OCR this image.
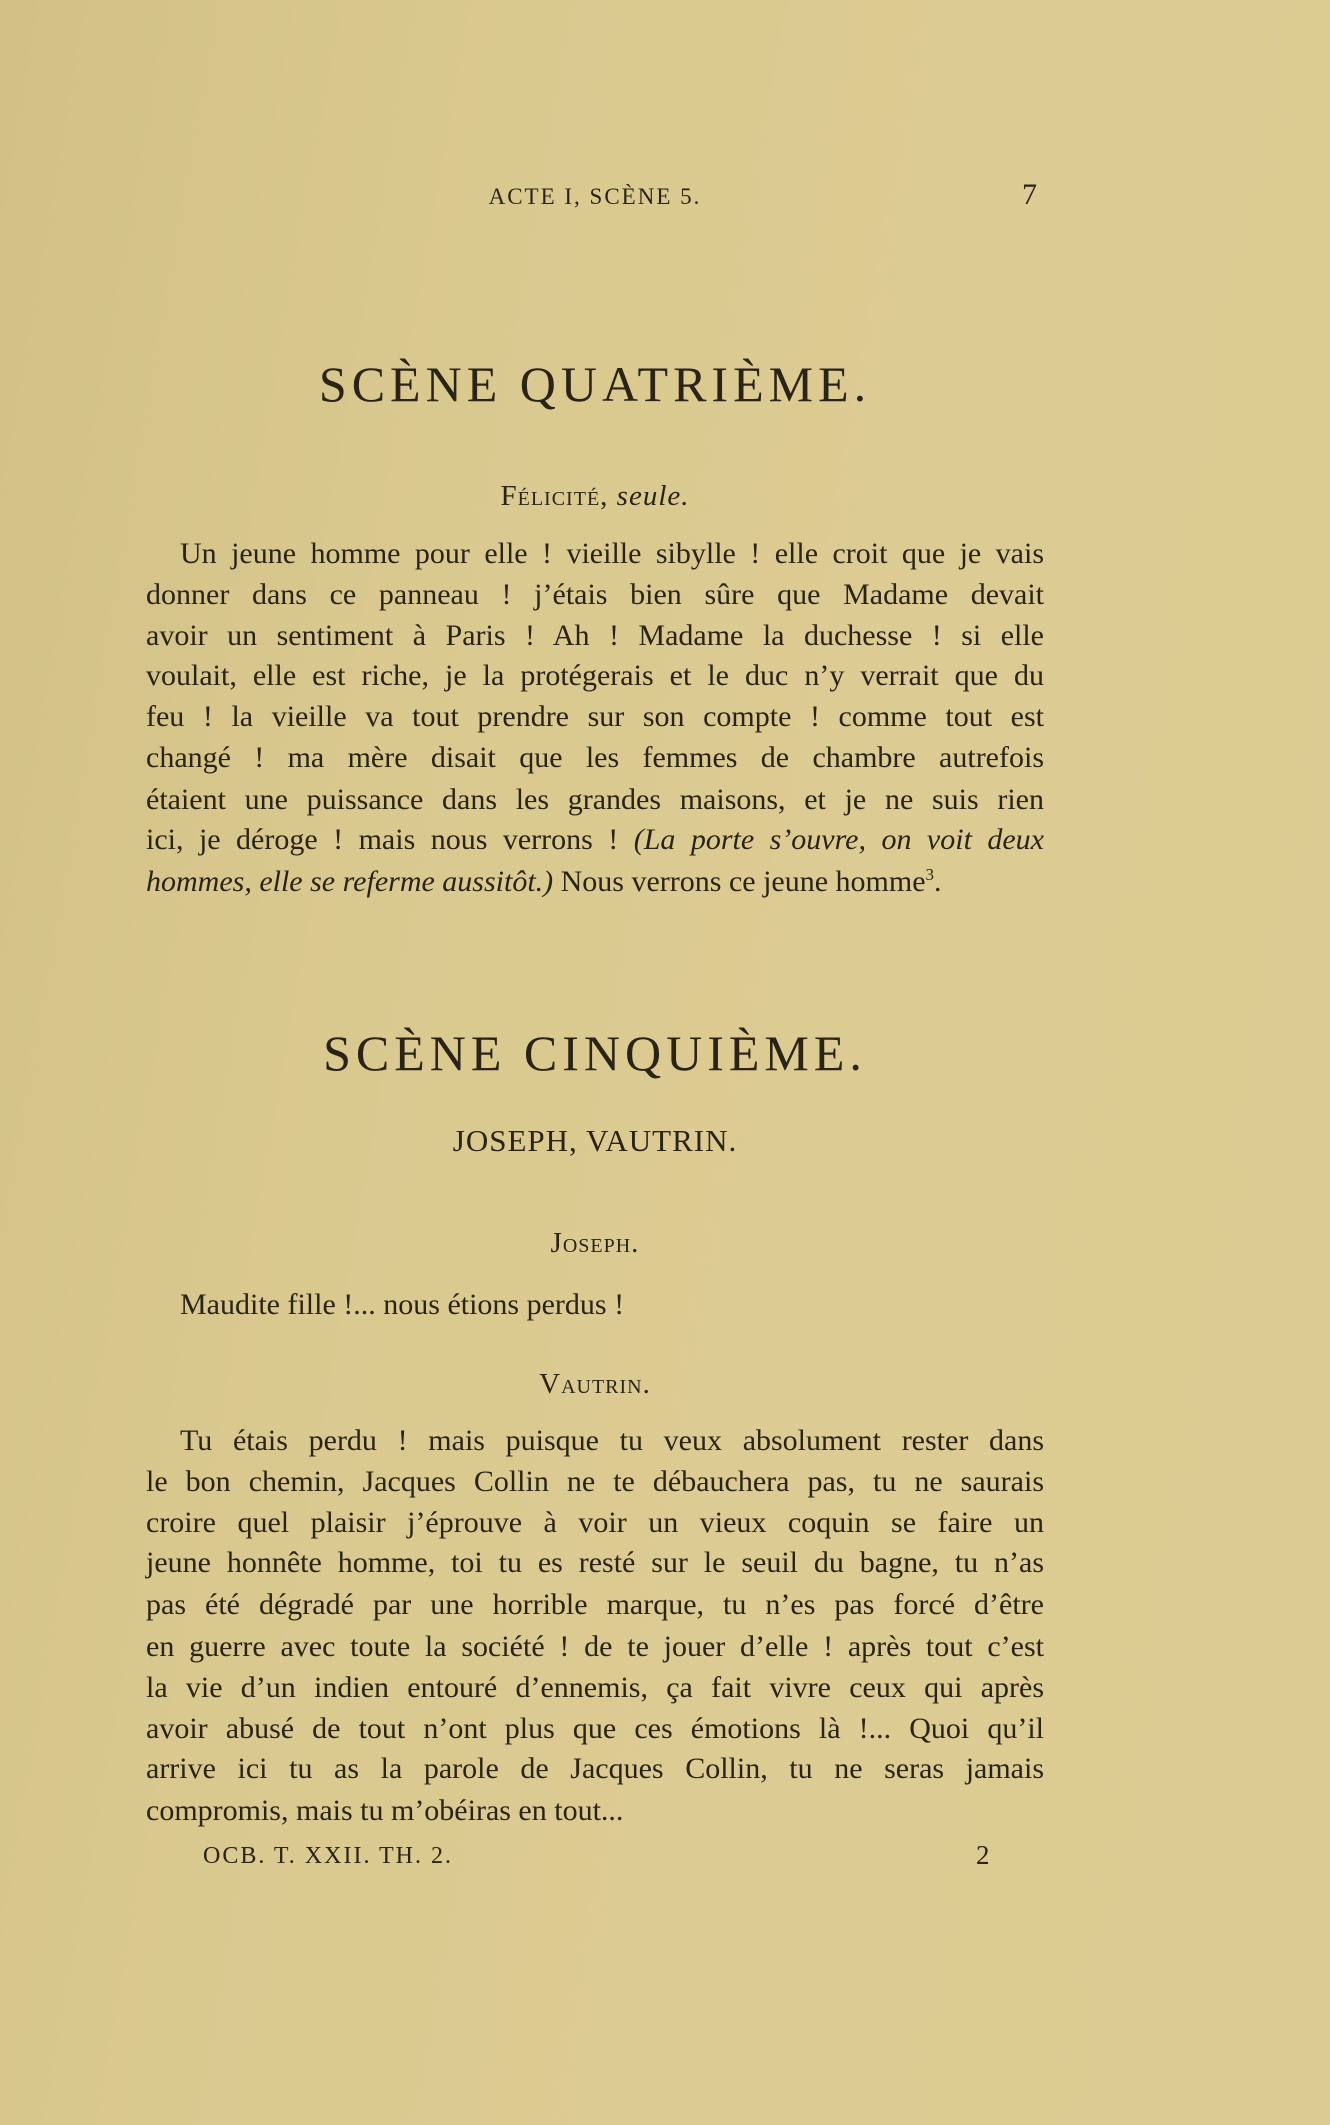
ACTE I, SCÈNE 5.	7
SCÈNE QUATRIÈME.
Félicité, seule.
Un jeune homme pour elle ! vieille sibylle ! elle croit que je vais
donner dans ce panneau ! j’étais bien sûre que Madame devait
avoir un sentiment à Paris ! Ah ! Madame la duchesse ! si elle
voulait, elle est riche, je la protégerais et le duc n’y verrait que du
feu ! la vieille va tout prendre sur son compte ! comme tout est
changé ! ma mère disait que les femmes de chambre autrefois
étaient une puissance dans les grandes maisons, et je ne suis rien
ici, je déroge ! mais nous verrons ! (La porte s’ouvre, on voit deux
hommes, elle se referme aussitôt.) Nous verrons ce jeune homme$^3$.
SCÈNE CINQUIÈME.
JOSEPH, VAUTRIN.
Joseph.
Maudite fille !... nous étions perdus !
Vautrin.
Tu étais perdu ! mais puisque tu veux absolument rester dans
le bon chemin, Jacques Collin ne te débauchera pas, tu ne saurais
croire quel plaisir j’éprouve à voir un vieux coquin se faire un
jeune honnête homme, toi tu es resté sur le seuil du bagne, tu n’as
pas été dégradé par une horrible marque, tu n’es pas forcé d’être
en guerre avec toute la société ! de te jouer d’elle ! après tout c’est
la vie d’un indien entouré d’ennemis, ça fait vivre ceux qui après
avoir abusé de tout n’ont plus que ces émotions là !... Quoi qu’il
arrive ici tu as la parole de Jacques Collin, tu ne seras jamais
compromis, mais tu m’obéiras en tout...
OCB. T. XXII. TH. 2.	2
